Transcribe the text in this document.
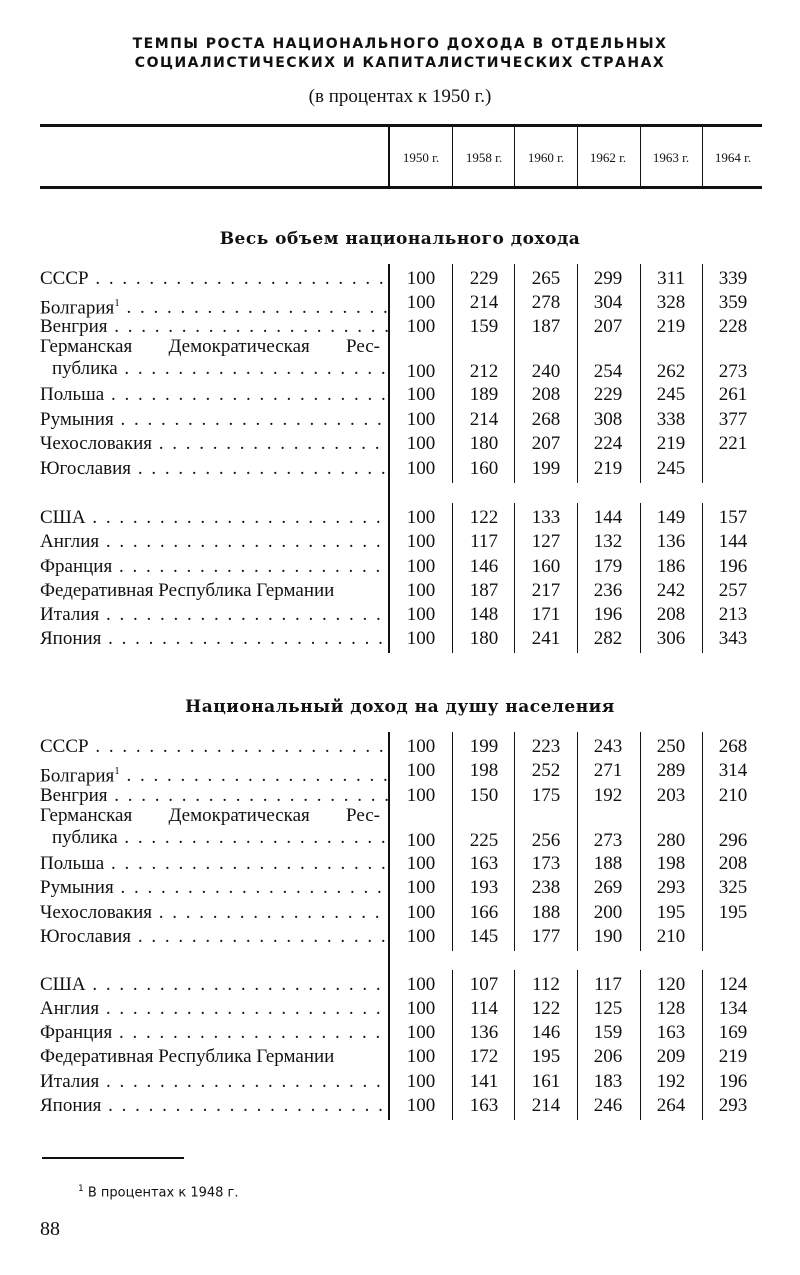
ТЕМПЫ РОСТА НАЦИОНАЛЬНОГО ДОХОДА В ОТДЕЛЬНЫХ
СОЦИАЛИСТИЧЕСКИХ И КАПИТАЛИСТИЧЕСКИХ СТРАНАХ
(в процентах к 1950 г.)
1950 г.	1958 г.	1960 г.	1962 г.	1963 г.	1964 г.
Весь объем национального дохода
СССР . . .	100	229	265	299	311	339
Болгария$^1$ . . .	100	214	278	304	328	359
Венгрия . . .	100	159	187	207	219	228
Германская Демократическая Рес-
публика . . .	100	212	240	254	262	273
Польша . . .	100	189	208	229	245	261
Румыния . . .	100	214	268	308	338	377
Чехословакия . . .	100	180	207	224	219	221
Югославия . . .	100	160	199	219	245
США . . .	100	122	133	144	149	157
Англия . . .	100	117	127	132	136	144
Франция . . .	100	146	160	179	186	196
Федеративная Республика Германии	100	187	217	236	242	257
Италия . . .	100	148	171	196	208	213
Япония . . .	100	180	241	282	306	343
Национальный доход на душу населения
СССР . . .	100	199	223	243	250	268
Болгария$^1$ . . .	100	198	252	271	289	314
Венгрия . . .	100	150	175	192	203	210
Германская Демократическая Рес-
публика . . .	100	225	256	273	280	296
Польша . . .	100	163	173	188	198	208
Румыния . . .	100	193	238	269	293	325
Чехословакия . . .	100	166	188	200	195	195
Югославия . . .	100	145	177	190	210
США . . .	100	107	112	117	120	124
Англия . . .	100	114	122	125	128	134
Франция . . .	100	136	146	159	163	169
Федеративная Республика Германии	100	172	195	206	209	219
Италия . . .	100	141	161	183	192	196
Япония . . .	100	163	214	246	264	293
$^1$ В процентах к 1948 г.
88
